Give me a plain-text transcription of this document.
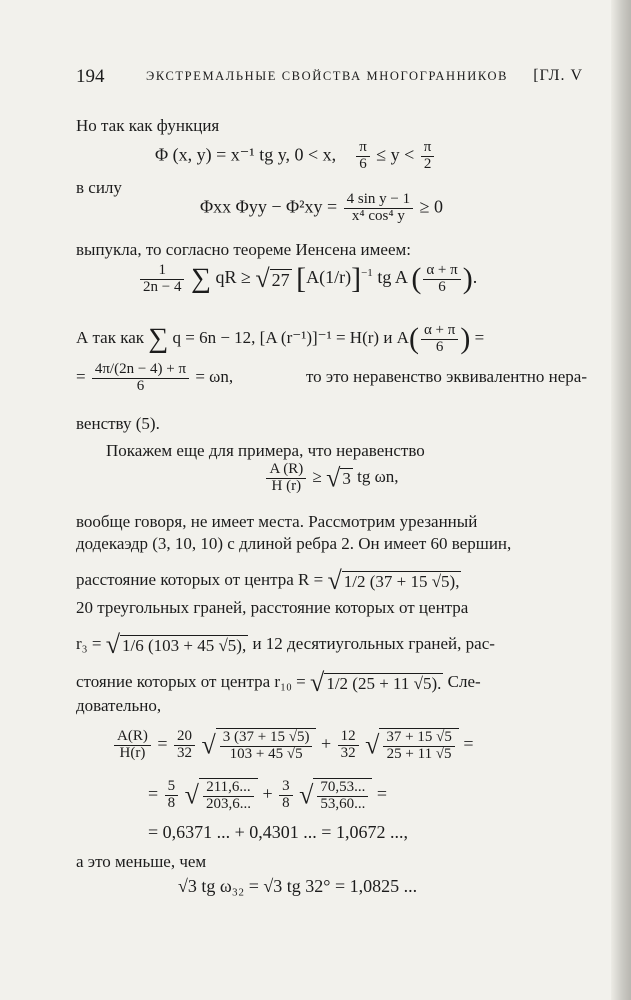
194	ЭКСТРЕМАЛЬНЫЕ СВОЙСТВА МНОГОГРАННИКОВ [ГЛ. V
Но так как функция
Φ (x, y) = x⁻¹ tg y, 0 < x, $\frac{\pi}{6} \le y < \frac{\pi}{2}$
в силу
Φxx $\Phi yy - \Phi^2xy = \frac{\text{4 sin y − 1}}{\text{x⁴ cos⁴ y}} \ge 0$
выпукла, то согласно теореме Иенсена имеем:
$\frac{1}{2n - 4}$ ∑ qR ≥ √ 27 $[A(1/r)]^{-1}$ tg A ( $\frac{\alpha + \pi}{6}$ ).
А так как ∑ q = 6n − 12, [A (r⁻¹)]⁻¹ = H(r) и $A( \frac{\alpha + \pi}{6}$ ) =
= $\frac{4\pi/(2n - 4) + \pi}{6} = \omega n$,	то это неравенство эквивалентно нера-
венству (5).
Покажем еще для примера, что неравенство
$\frac{A (R)}{H (r)}$ ≥ √ 3 tg ωn,
вообще говоря, не имеет места. Рассмотрим урезанный
додекаэдр (3, 10, 10) с длиной ребра 2. Он имеет 60 вершин,
расстояние которых от центра R = √ 1/2 (37 + 15 √5),
20 треугольных граней, расстояние которых от центра
r₃ = √ 1/6 (103 + 45 √5), и 12 десятиугольных граней, рас-
стояние которых от центра r₁₀ = √ 1/2 (25 + 11 √5). Сле-
довательно,
$\frac{A(R)}{H(r)} = \frac{20}{32}$ √ $\frac{3 (37 + 15 √5)}{103 + 45 √5} + \frac{12}{32}$ √ $\frac{37 + 15 √5}{25 + 11 √5}$ =
= $\frac{5}{8}$ √ $\frac{211,6...}{203,6...} + \frac{3}{8}$ √ $\frac{70,53...}{53,60...}$ =
= 0,6371 ... + 0,4301 ... = 1,0672 ...,
а это меньше, чем
√3 tg ω₃₂ = √3 tg 32° = 1,0825 ...
